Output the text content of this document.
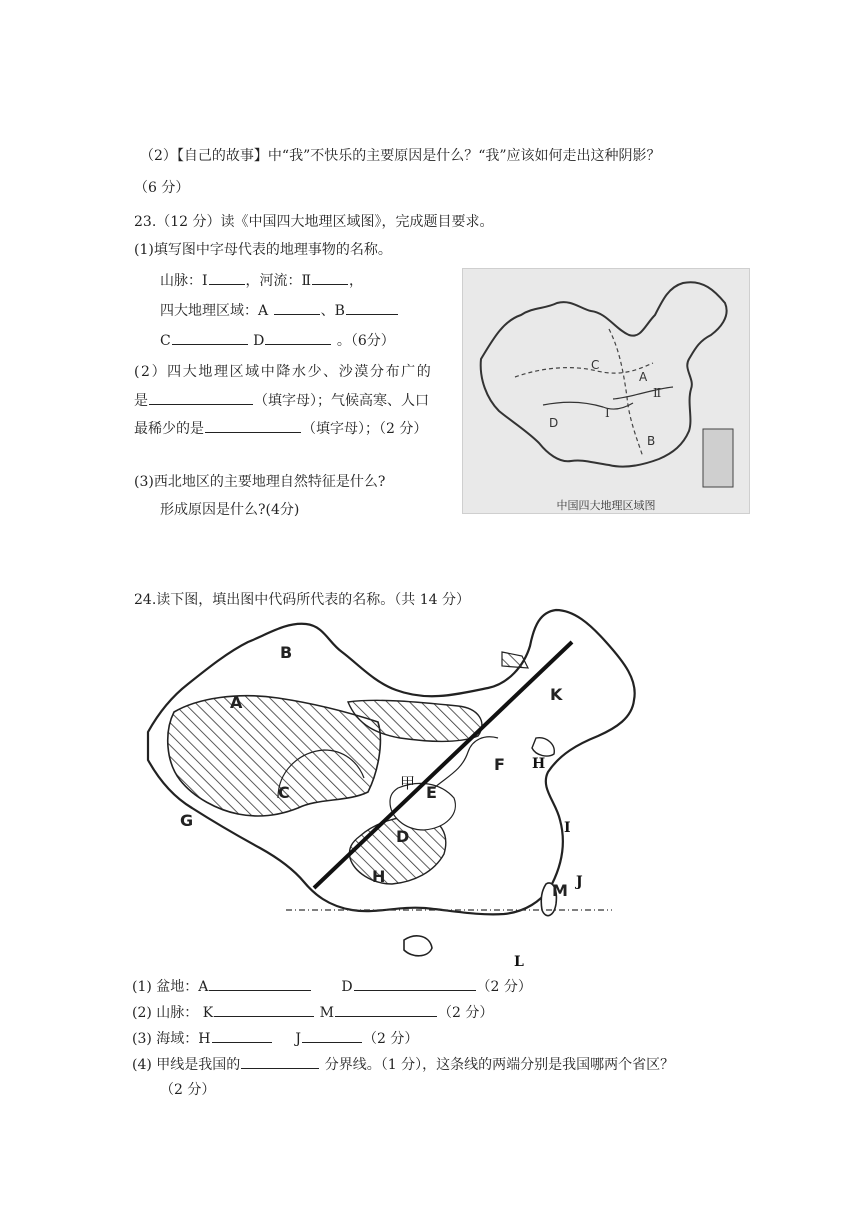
（2）【自己的故事】中“我”不快乐的主要原因是什么？“我”应该如何走出这种阴影？
（6 分）
23.（12 分）读《中国四大地理区域图》，完成题目要求。
(1)填写图中字母代表的地理事物的名称。
山脉：Ⅰ	，河流：Ⅱ	，
四大地理区域：A	、B
C	D	。（6分）
(2）四大地理区域中降水少、沙漠分布广的
是	（填字母）；气候高寒、人口
最稀少的是	（填字母）；（2 分）
(3)西北地区的主要地理自然特征是什么?
形成原因是什么?(4分)
C
A
Ⅱ
Ⅰ
D
B
中国四大地理区域图
24.读下图，填出图中代码所代表的名称。（共 14 分）
B
A
C
G
甲 E
D
H
F
K
H
I
J
M
L
(1) 盆地：A	D	（2 分）
(2) 山脉： K	M	（2 分）
(3) 海域：H	J	（2 分）
(4) 甲线是我国的	分界线。（1 分），这条线的两端分别是我国哪两个省区？
（2 分）
